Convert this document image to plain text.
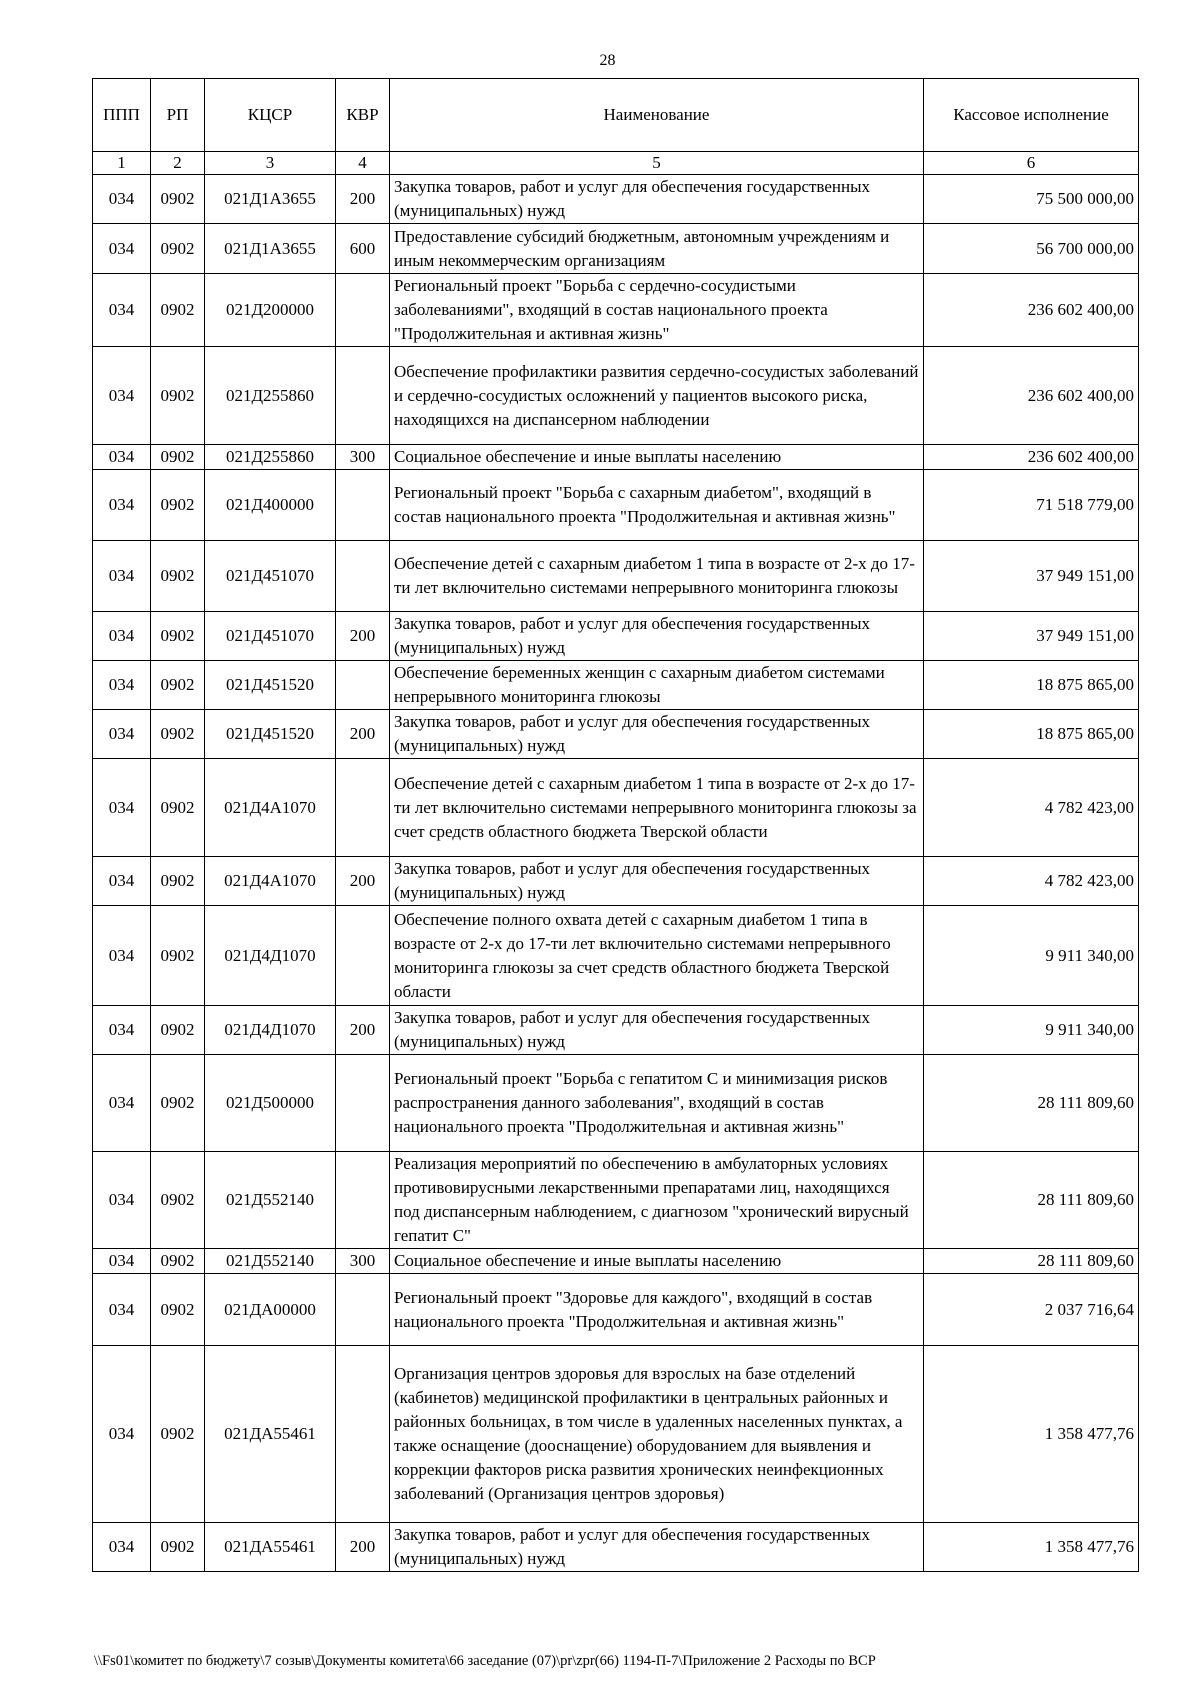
28
ППП	РП	КЦСР	КВР	Наименование	Кассовое исполнение
1	2	3	4	5	6
034	0902	021Д1А3655	200	Закупка товаров, работ и услуг для обеспечения государственных (муниципальных) нужд	75 500 000,00
034	0902	021Д1А3655	600	Предоставление субсидий бюджетным, автономным учреждениям и иным некоммерческим организациям	56 700 000,00
034	0902	021Д200000		Региональный проект "Борьба с сердечно-сосудистыми заболеваниями", входящий в состав национального проекта "Продолжительная и активная жизнь"	236 602 400,00
034	0902	021Д255860		Обеспечение профилактики развития сердечно-сосудистых заболеваний и сердечно-сосудистых осложнений у пациентов высокого риска, находящихся на диспансерном наблюдении	236 602 400,00
034	0902	021Д255860	300	Социальное обеспечение и иные выплаты населению	236 602 400,00
034	0902	021Д400000		Региональный проект "Борьба с сахарным диабетом", входящий в состав национального проекта "Продолжительная и активная жизнь"	71 518 779,00
034	0902	021Д451070		Обеспечение детей с сахарным диабетом 1 типа в возрасте от 2-х до 17-ти лет включительно системами непрерывного мониторинга глюкозы	37 949 151,00
034	0902	021Д451070	200	Закупка товаров, работ и услуг для обеспечения государственных (муниципальных) нужд	37 949 151,00
034	0902	021Д451520		Обеспечение беременных женщин с сахарным диабетом системами непрерывного мониторинга глюкозы	18 875 865,00
034	0902	021Д451520	200	Закупка товаров, работ и услуг для обеспечения государственных (муниципальных) нужд	18 875 865,00
034	0902	021Д4А1070		Обеспечение детей с сахарным диабетом 1 типа в возрасте от 2-х до 17-ти лет включительно системами непрерывного мониторинга глюкозы за счет средств областного бюджета Тверской области	4 782 423,00
034	0902	021Д4А1070	200	Закупка товаров, работ и услуг для обеспечения государственных (муниципальных) нужд	4 782 423,00
034	0902	021Д4Д1070		Обеспечение полного охвата детей с сахарным диабетом 1 типа в возрасте от 2-х до 17-ти лет включительно системами непрерывного мониторинга глюкозы за счет средств областного бюджета Тверской области	9 911 340,00
034	0902	021Д4Д1070	200	Закупка товаров, работ и услуг для обеспечения государственных (муниципальных) нужд	9 911 340,00
034	0902	021Д500000		Региональный проект "Борьба с гепатитом С и минимизация рисков распространения данного заболевания", входящий в состав национального проекта "Продолжительная и активная жизнь"	28 111 809,60
034	0902	021Д552140		Реализация мероприятий по обеспечению в амбулаторных условиях противовирусными лекарственными препаратами лиц, находящихся под диспансерным наблюдением, с диагнозом "хронический вирусный гепатит С"	28 111 809,60
034	0902	021Д552140	300	Социальное обеспечение и иные выплаты населению	28 111 809,60
034	0902	021ДА00000		Региональный проект "Здоровье для каждого", входящий в состав национального проекта "Продолжительная и активная жизнь"	2 037 716,64
034	0902	021ДА55461		Организация центров здоровья для взрослых на базе отделений (кабинетов) медицинской профилактики в центральных районных и районных больницах, в том числе в удаленных населенных пунктах, а также оснащение (дооснащение) оборудованием для выявления и коррекции факторов риска развития хронических неинфекционных заболеваний (Организация центров здоровья)	1 358 477,76
034	0902	021ДА55461	200	Закупка товаров, работ и услуг для обеспечения государственных (муниципальных) нужд	1 358 477,76
\\Fs01\комитет по бюджету\7 созыв\Документы комитета\66 заседание (07)\pr\zpr(66) 1194-П-7\Приложение 2 Расходы по ВСР
